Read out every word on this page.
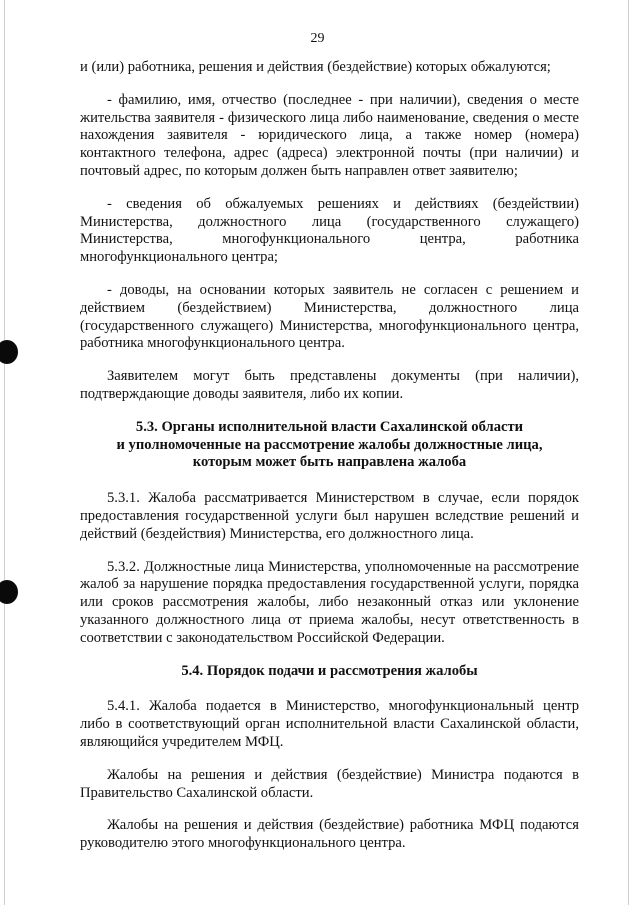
29

и (или) работника, решения и действия (бездействие) которых обжалуются;

- фамилию, имя, отчество (последнее - при наличии), сведения о месте жительства заявителя - физического лица либо наименование, сведения о месте нахождения заявителя - юридического лица, а также номер (номера) контактного телефона, адрес (адреса) электронной почты (при наличии) и почтовый адрес, по которым должен быть направлен ответ заявителю;

- сведения об обжалуемых решениях и действиях (бездействии) Министерства, должностного лица (государственного служащего) Министерства, многофункционального центра, работника многофункционального центра;

- доводы, на основании которых заявитель не согласен с решением и действием (бездействием) Министерства, должностного лица (государственного служащего) Министерства, многофункционального центра, работника многофункционального центра.

Заявителем могут быть представлены документы (при наличии), подтверждающие доводы заявителя, либо их копии.

5.3. Органы исполнительной власти Сахалинской области
и уполномоченные на рассмотрение жалобы должностные лица,
которым может быть направлена жалоба

5.3.1. Жалоба рассматривается Министерством в случае, если порядок предоставления государственной услуги был нарушен вследствие решений и действий (бездействия) Министерства, его должностного лица.

5.3.2. Должностные лица Министерства, уполномоченные на рассмотрение жалоб за нарушение порядка предоставления государственной услуги, порядка или сроков рассмотрения жалобы, либо незаконный отказ или уклонение указанного должностного лица от приема жалобы, несут ответственность в соответствии с законодательством Российской Федерации.

5.4. Порядок подачи и рассмотрения жалобы

5.4.1. Жалоба подается в Министерство, многофункциональный центр либо в соответствующий орган исполнительной власти Сахалинской области, являющийся учредителем МФЦ.

Жалобы на решения и действия (бездействие) Министра подаются в Правительство Сахалинской области.

Жалобы на решения и действия (бездействие) работника МФЦ подаются руководителю этого многофункционального центра.
